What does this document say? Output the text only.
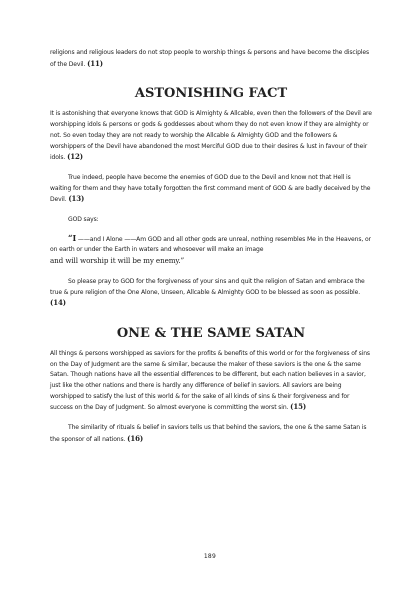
religions and religious leaders do not stop people to worship things & persons and have become the disciples of the Devil. (11)

ASTONISHING FACT

It is astonishing that everyone knows that GOD is Almighty & Allcable, even then the followers of the Devil are worshipping idols & persons or gods & goddesses about whom they do not even know if they are almighty or not. So even today they are not ready to worship the Allcable & Almighty GOD and the followers & worshippers of the Devil have abandoned the most Merciful GOD due to their desires & lust in favour of their idols. (12)

True indeed, people have become the enemies of GOD due to the Devil and know not that Hell is waiting for them and they have totally forgotten the first command ment of GOD & are badly deceived by the Devil. (13)

GOD says:

“I ——and I Alone ——Am GOD and all other gods are unreal, nothing resembles Me in the Heavens, or on earth or under the Earth in waters and whosoever will make an image
and will worship it will be my enemy.”

So please pray to GOD for the forgiveness of your sins and quit the religion of Satan and embrace the true & pure religion of the One Alone, Unseen, Allcable & Almighty GOD to be blessed as soon as possible. (14)

ONE & THE SAME SATAN

All things & persons worshipped as saviors for the profits & benefits of this world or for the forgiveness of sins on the Day of Judgment are the same & similar, because the maker of these saviors is the one & the same Satan. Though nations have all the essential differences to be different, but each nation believes in a savior, just like the other nations and there is hardly any difference of belief in saviors. All saviors are being worshipped to satisfy the lust of this world & for the sake of all kinds of sins & their forgiveness and for success on the Day of Judgment. So almost everyone is committing the worst sin. (15)

The similarity of rituals & belief in saviors tells us that behind the saviors, the one & the same Satan is the sponsor of all nations. (16)

189
